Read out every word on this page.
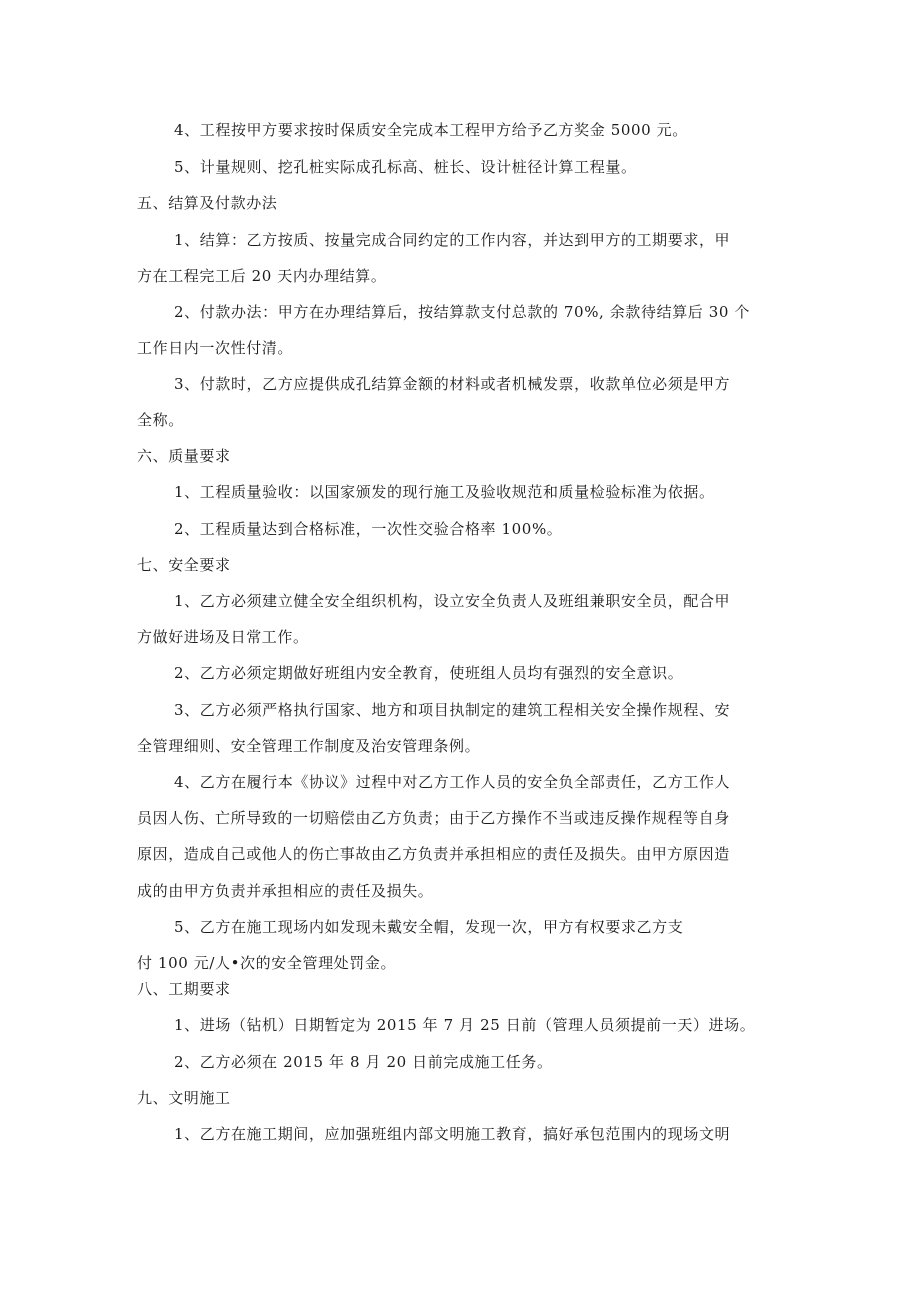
4、工程按甲方要求按时保质安全完成本工程甲方给予乙方奖金 5000 元。
5、计量规则、挖孔桩实际成孔标高、桩长、设计桩径计算工程量。
五、结算及付款办法
1、结算：乙方按质、按量完成合同约定的工作内容，并达到甲方的工期要求，甲
方在工程完工后 20 天内办理结算。
2、付款办法：甲方在办理结算后，按结算款支付总款的 70%, 余款待结算后 30 个
工作日内一次性付清。
3、付款时，乙方应提供成孔结算金额的材料或者机械发票，收款单位必须是甲方
全称。
六、质量要求
1、工程质量验收：以国家颁发的现行施工及验收规范和质量检验标准为依据。
2、工程质量达到合格标准，一次性交验合格率 100%。
七、安全要求
1、乙方必须建立健全安全组织机构，设立安全负责人及班组兼职安全员，配合甲
方做好进场及日常工作。
2、乙方必须定期做好班组内安全教育，使班组人员均有强烈的安全意识。
3、乙方必须严格执行国家、地方和项目执制定的建筑工程相关安全操作规程、安
全管理细则、安全管理工作制度及治安管理条例。
4、乙方在履行本《协议》过程中对乙方工作人员的安全负全部责任，乙方工作人
员因人伤、亡所导致的一切赔偿由乙方负责；由于乙方操作不当或违反操作规程等自身
原因，造成自己或他人的伤亡事故由乙方负责并承担相应的责任及损失。由甲方原因造
成的由甲方负责并承担相应的责任及损失。
5、乙方在施工现场内如发现未戴安全帽，发现一次，甲方有权要求乙方支
付 100 元/人•次的安全管理处罚金。
八、工期要求
1、进场（钻机）日期暂定为 2015 年 7 月 25 日前（管理人员须提前一天）进场。
2、乙方必须在 2015 年 8 月 20 日前完成施工任务。
九、文明施工
1、乙方在施工期间，应加强班组内部文明施工教育，搞好承包范围内的现场文明
